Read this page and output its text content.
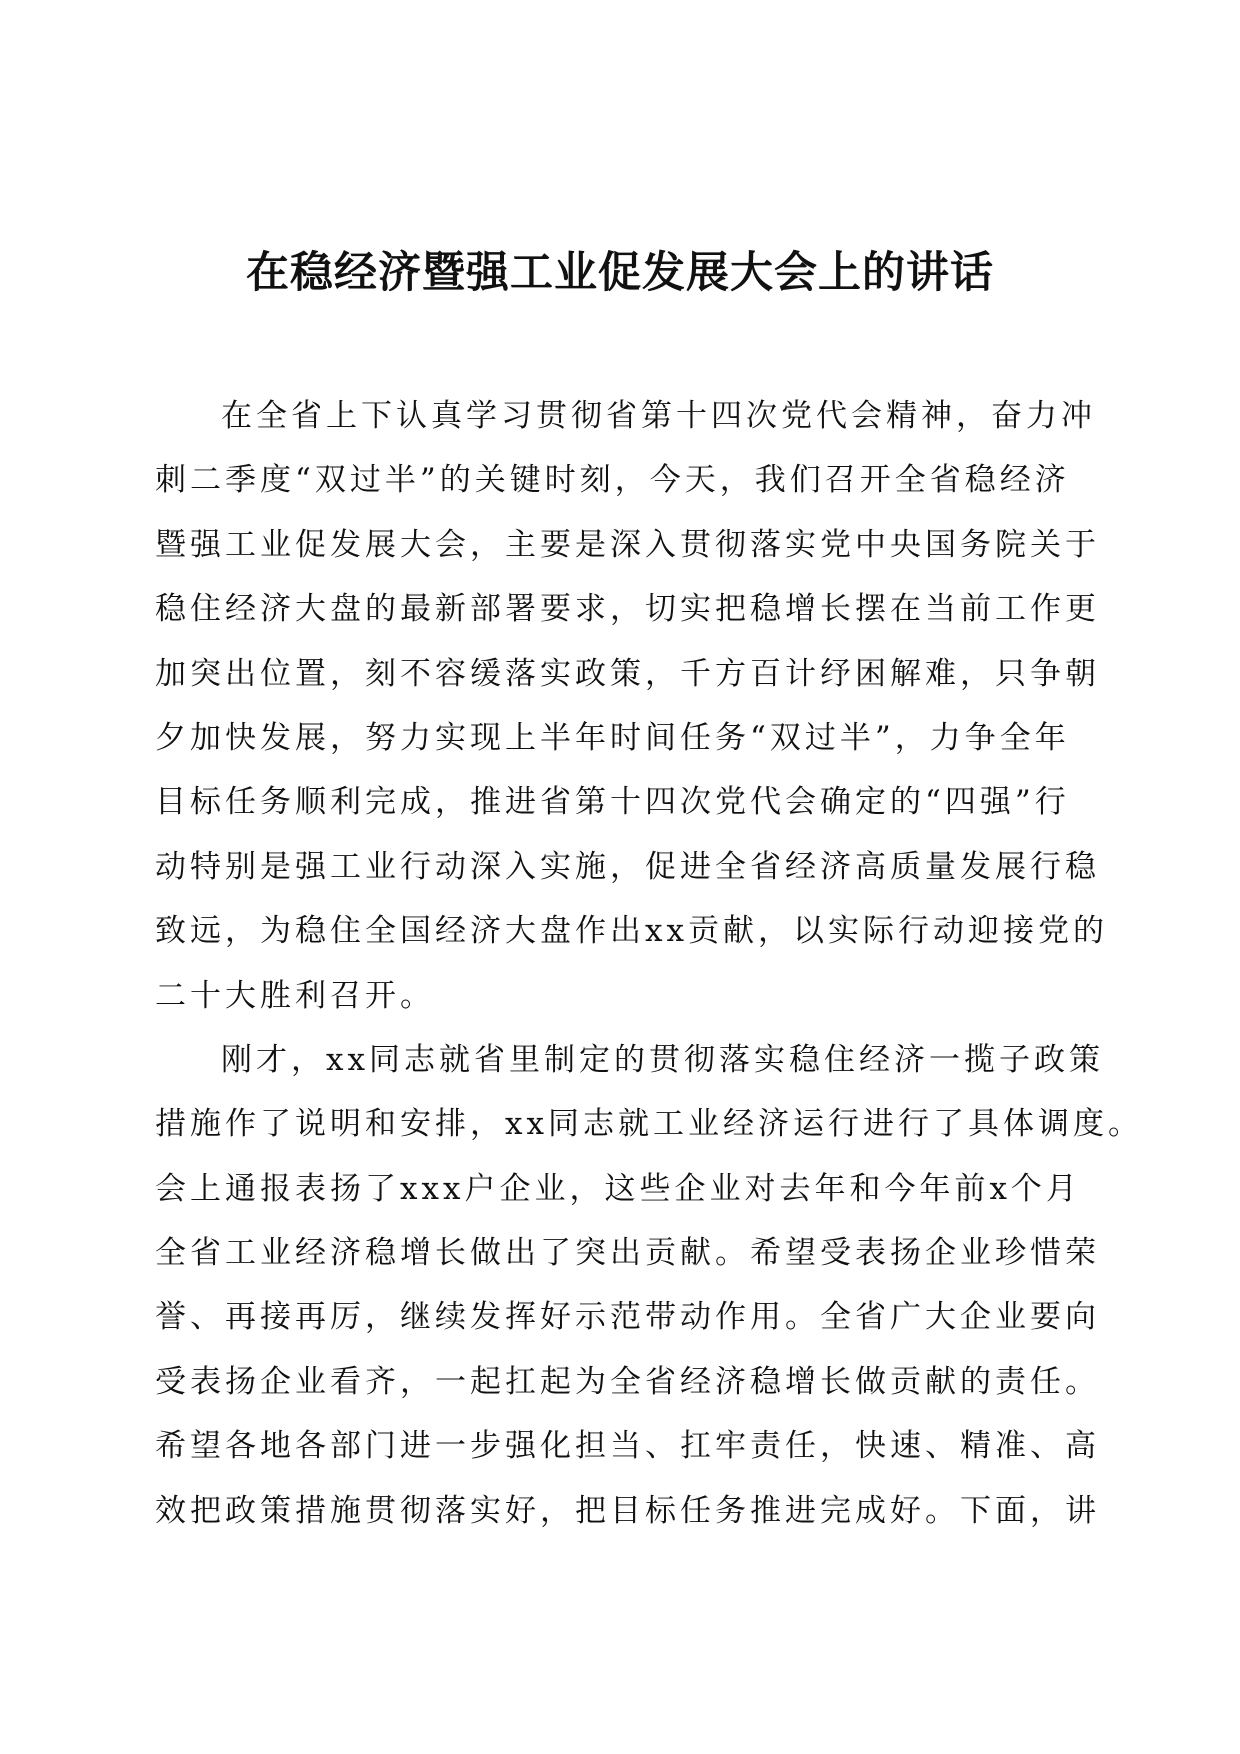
在稳经济暨强工业促发展大会上的讲话
在全省上下认真学习贯彻省第十四次党代会精神，奋力冲
刺二季度“双过半”的关键时刻，今天，我们召开全省稳经济
暨强工业促发展大会，主要是深入贯彻落实党中央国务院关于
稳住经济大盘的最新部署要求，切实把稳增长摆在当前工作更
加突出位置，刻不容缓落实政策，千方百计纾困解难，只争朝
夕加快发展，努力实现上半年时间任务“双过半”，力争全年
目标任务顺利完成，推进省第十四次党代会确定的“四强”行
动特别是强工业行动深入实施，促进全省经济高质量发展行稳
致远，为稳住全国经济大盘作出xx贡献，以实际行动迎接党的
二十大胜利召开。
刚才，xx同志就省里制定的贯彻落实稳住经济一揽子政策
措施作了说明和安排，xx同志就工业经济运行进行了具体调度。
会上通报表扬了xxx户企业，这些企业对去年和今年前x个月
全省工业经济稳增长做出了突出贡献。希望受表扬企业珍惜荣
誉、再接再厉，继续发挥好示范带动作用。全省广大企业要向
受表扬企业看齐，一起扛起为全省经济稳增长做贡献的责任。
希望各地各部门进一步强化担当、扛牢责任，快速、精准、高
效把政策措施贯彻落实好，把目标任务推进完成好。下面，讲
